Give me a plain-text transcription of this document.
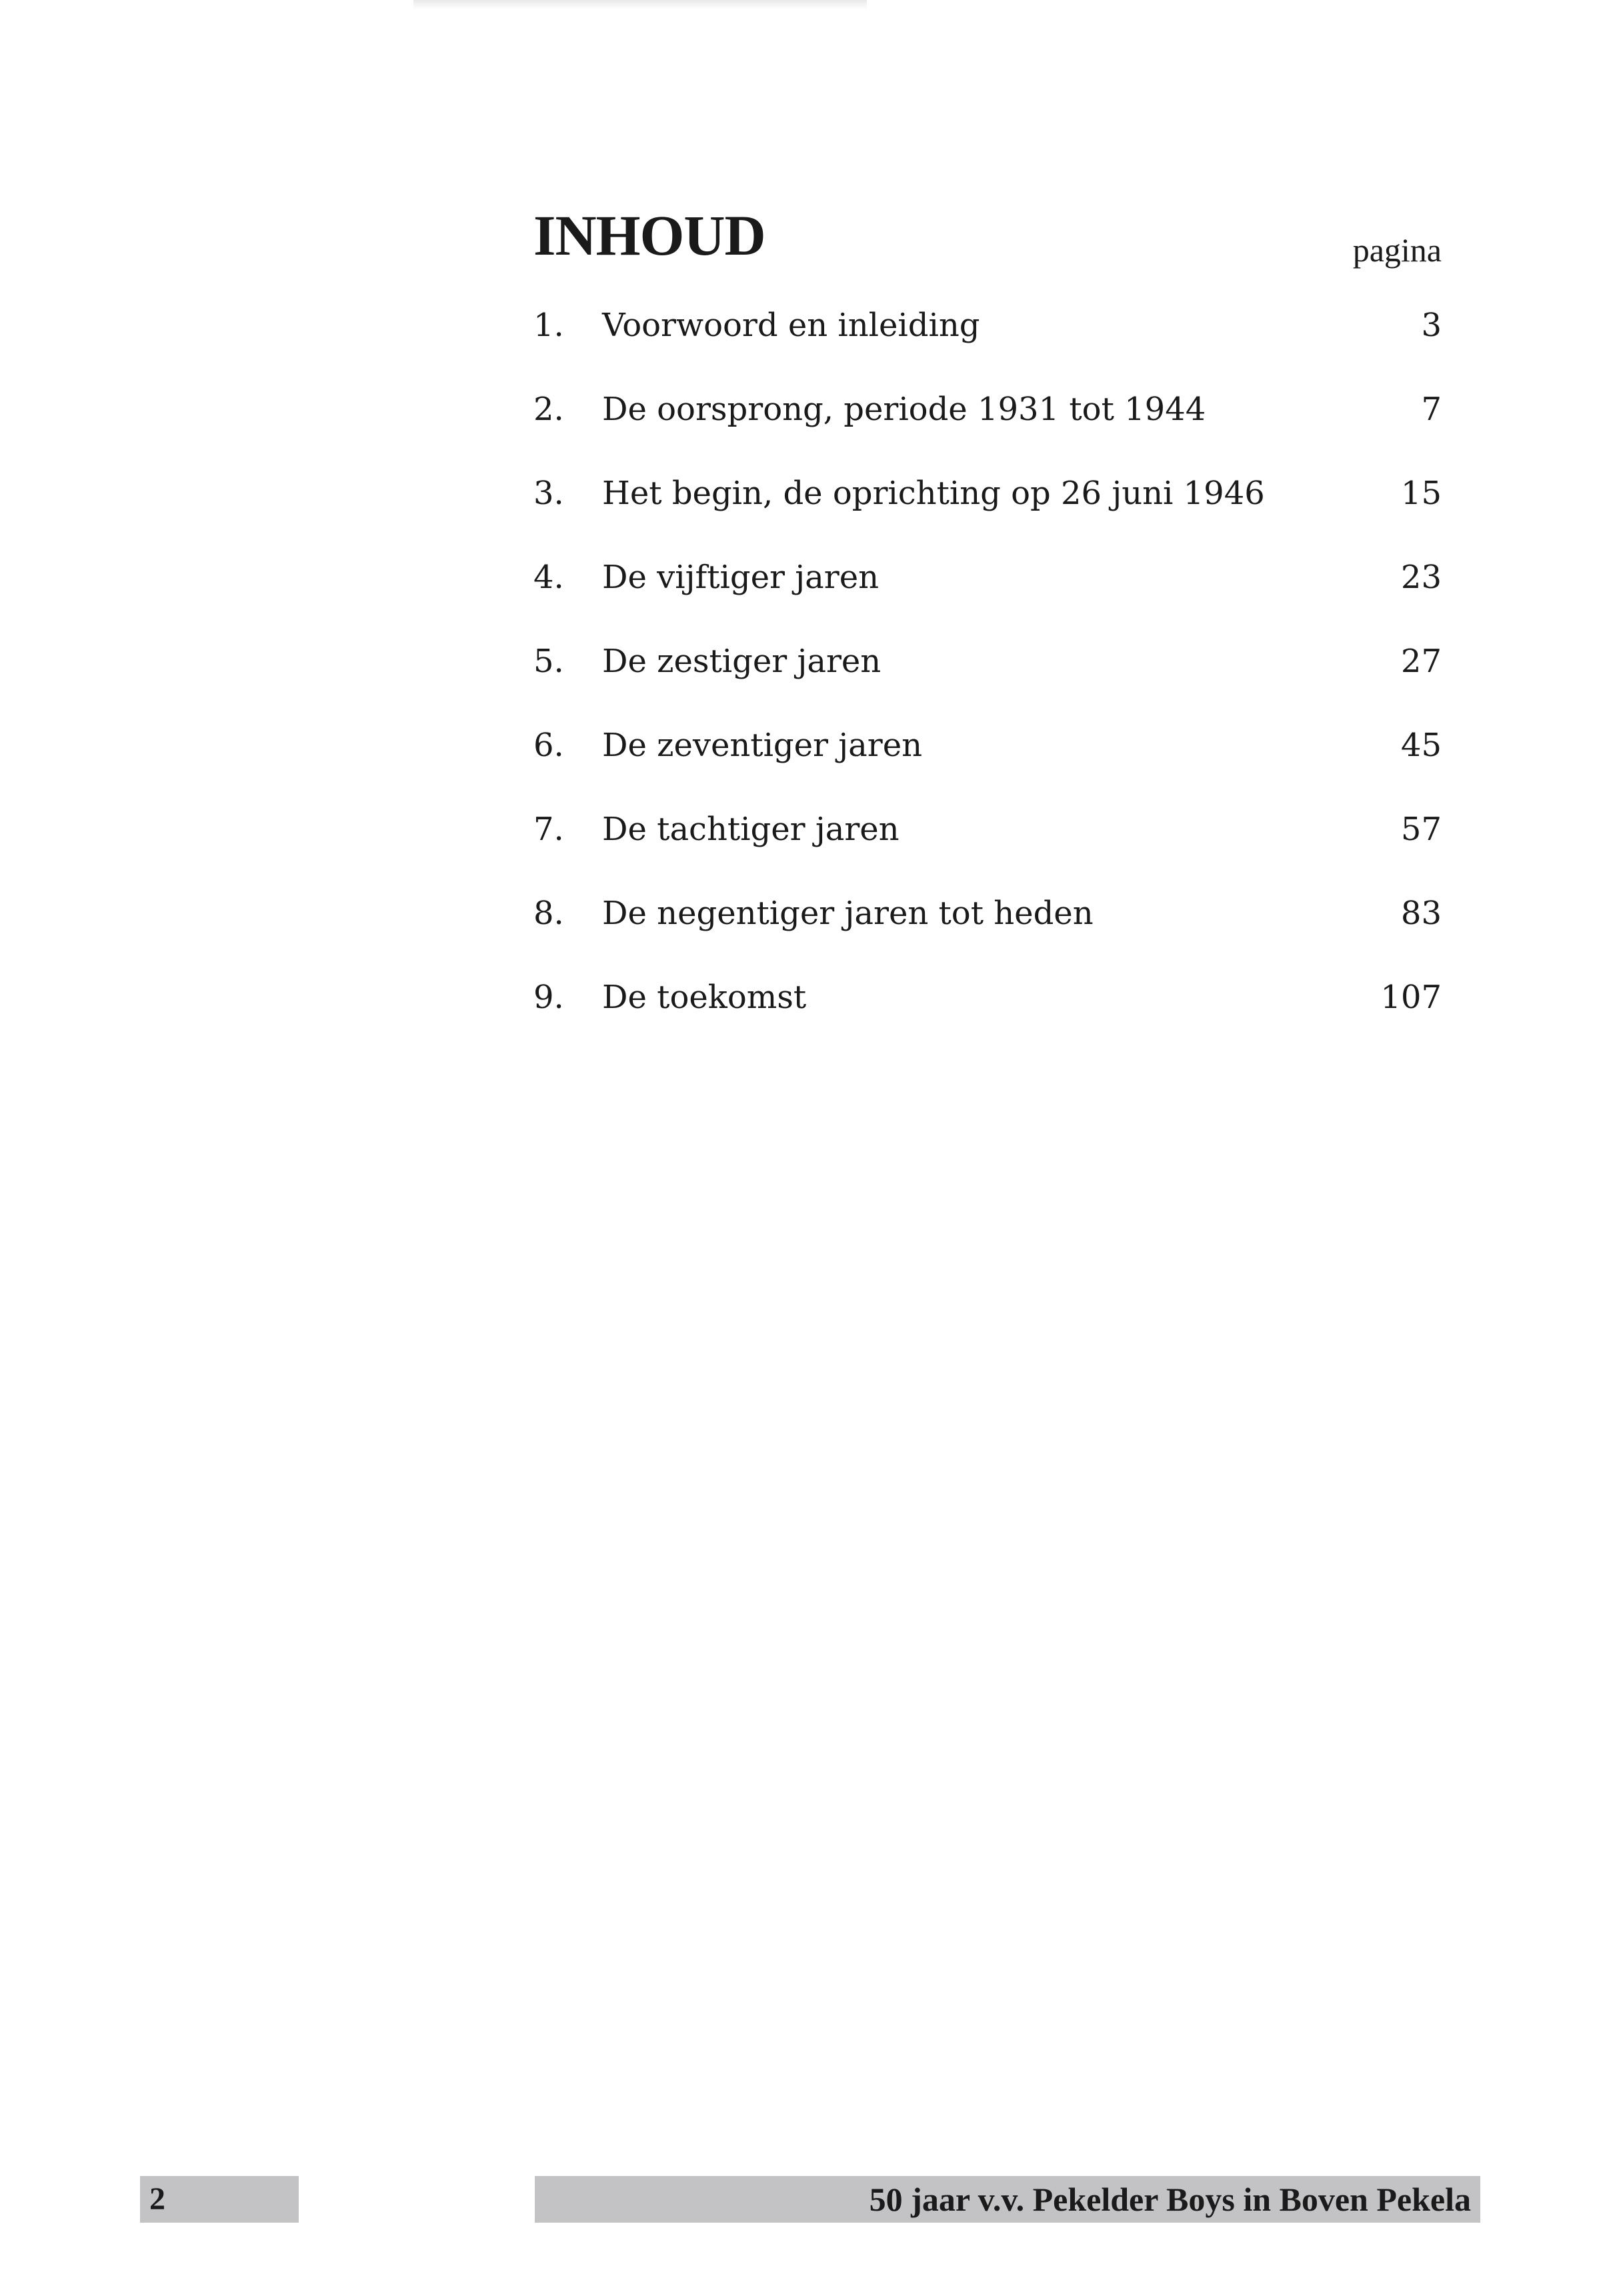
INHOUD	pagina
1. Voorwoord en inleiding	3
2. De oorsprong, periode 1931 tot 1944	7
3. Het begin, de oprichting op 26 juni 1946	15
4. De vijftiger jaren	23
5. De zestiger jaren	27
6. De zeventiger jaren	45
7. De tachtiger jaren	57
8. De negentiger jaren tot heden	83
9. De toekomst	107
2	50 jaar v.v. Pekelder Boys in Boven Pekela
